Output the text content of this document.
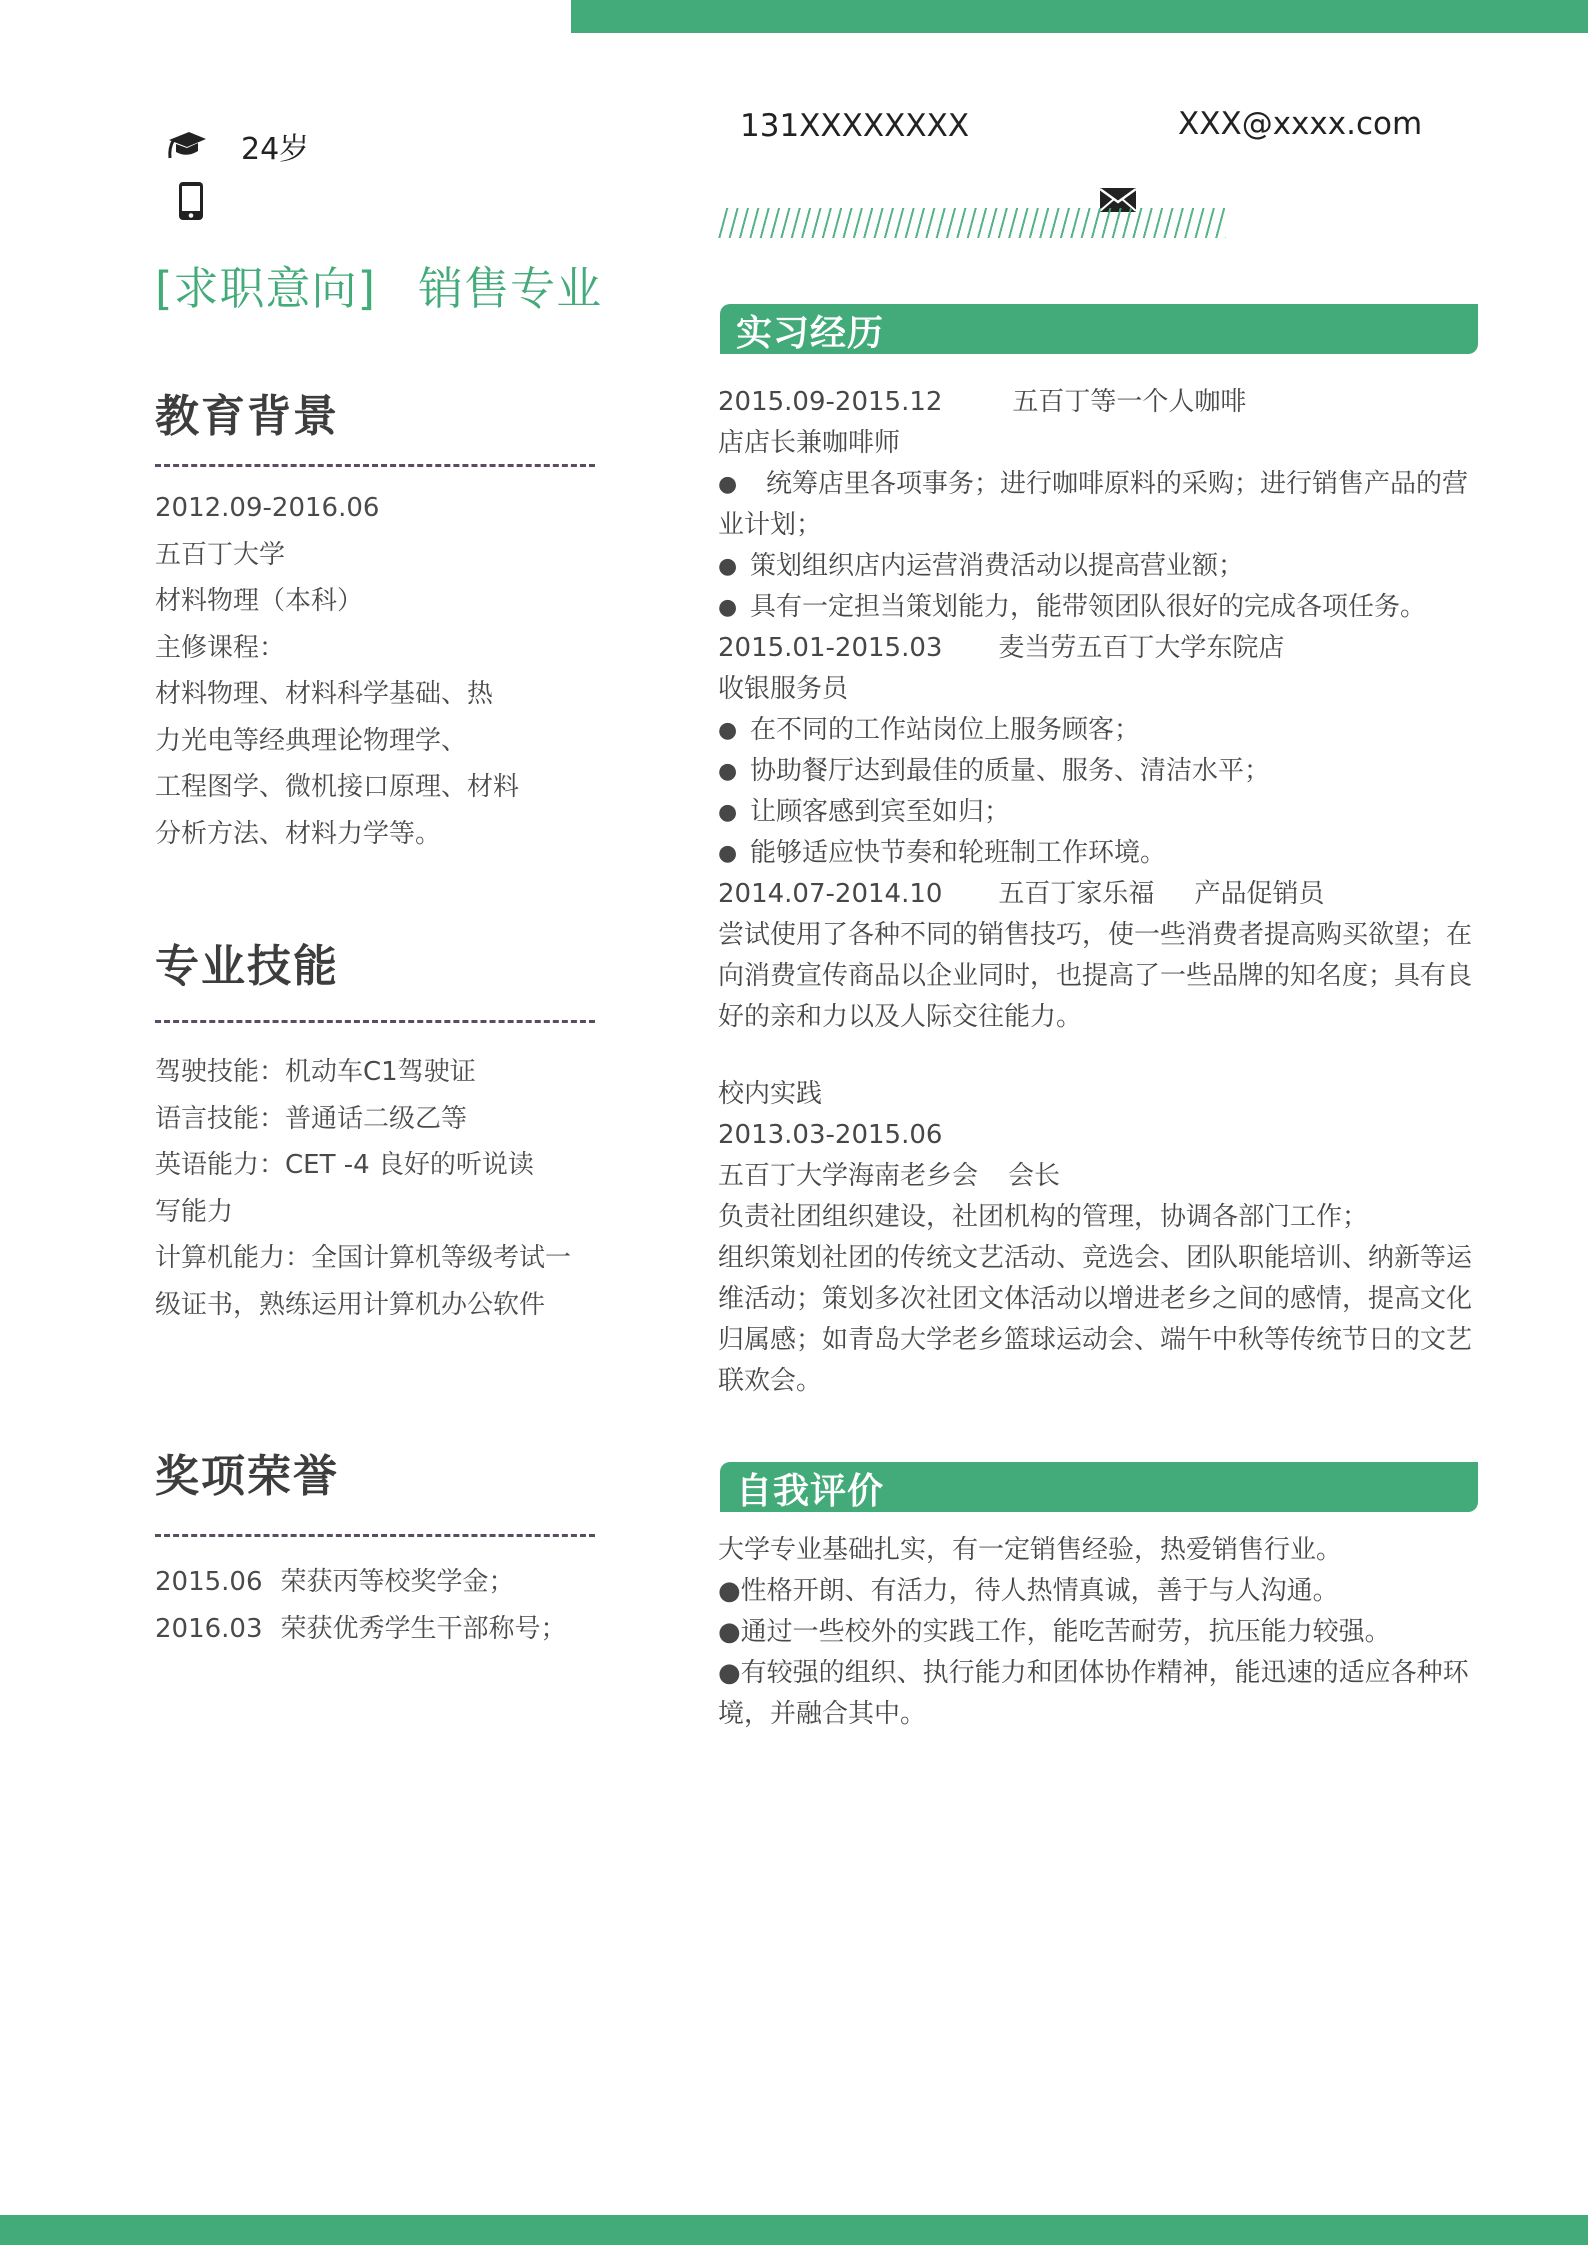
24岁
[求职意向] 销售专业
教育背景
2012.09-2016.06
五百丁大学
材料物理（本科）
主修课程：
材料物理、材料科学基础、热
力光电等经典理论物理学、
工程图学、微机接口原理、材料
分析方法、材料力学等。
专业技能
驾驶技能：机动车C1驾驶证
语言技能：普通话二级乙等
英语能力：CET -4 良好的听说读
写能力
计算机能力：全国计算机等级考试一
级证书，熟练运用计算机办公软件
奖项荣誉
2015.06 荣获丙等校奖学金；
2016.03 荣获优秀学生干部称号；
131XXXXXXXX	XXX@xxxx.com
实习经历
2015.09-2015.12	五百丁等一个人咖啡
店店长兼咖啡师
●	统筹店里各项事务；进行咖啡原料的采购；进行销售产品的营业计划；
● 策划组织店内运营消费活动以提高营业额；
● 具有一定担当策划能力，能带领团队很好的完成各项任务。
2015.01-2015.03 麦当劳五百丁大学东院店
收银服务员
● 在不同的工作站岗位上服务顾客；
● 协助餐厅达到最佳的质量、服务、清洁水平；
● 让顾客感到宾至如归；
● 能够适应快节奏和轮班制工作环境。
2014.07-2014.10 五百丁家乐福 产品促销员
尝试使用了各种不同的销售技巧，使一些消费者提高购买欲望；在向消费宣传商品以企业同时，也提高了一些品牌的知名度；具有良好的亲和力以及人际交往能力。
校内实践
2013.03-2015.06
五百丁大学海南老乡会 会长
负责社团组织建设，社团机构的管理，协调各部门工作；
组织策划社团的传统文艺活动、竞选会、团队职能培训、纳新等运维活动；策划多次社团文体活动以增进老乡之间的感情，提高文化归属感；如青岛大学老乡篮球运动会、端午中秋等传统节日的文艺联欢会。
自我评价
大学专业基础扎实，有一定销售经验，热爱销售行业。
●性格开朗、有活力，待人热情真诚，善于与人沟通。
●通过一些校外的实践工作，能吃苦耐劳，抗压能力较强。
●有较强的组织、执行能力和团体协作精神，能迅速的适应各种环境，并融合其中。
